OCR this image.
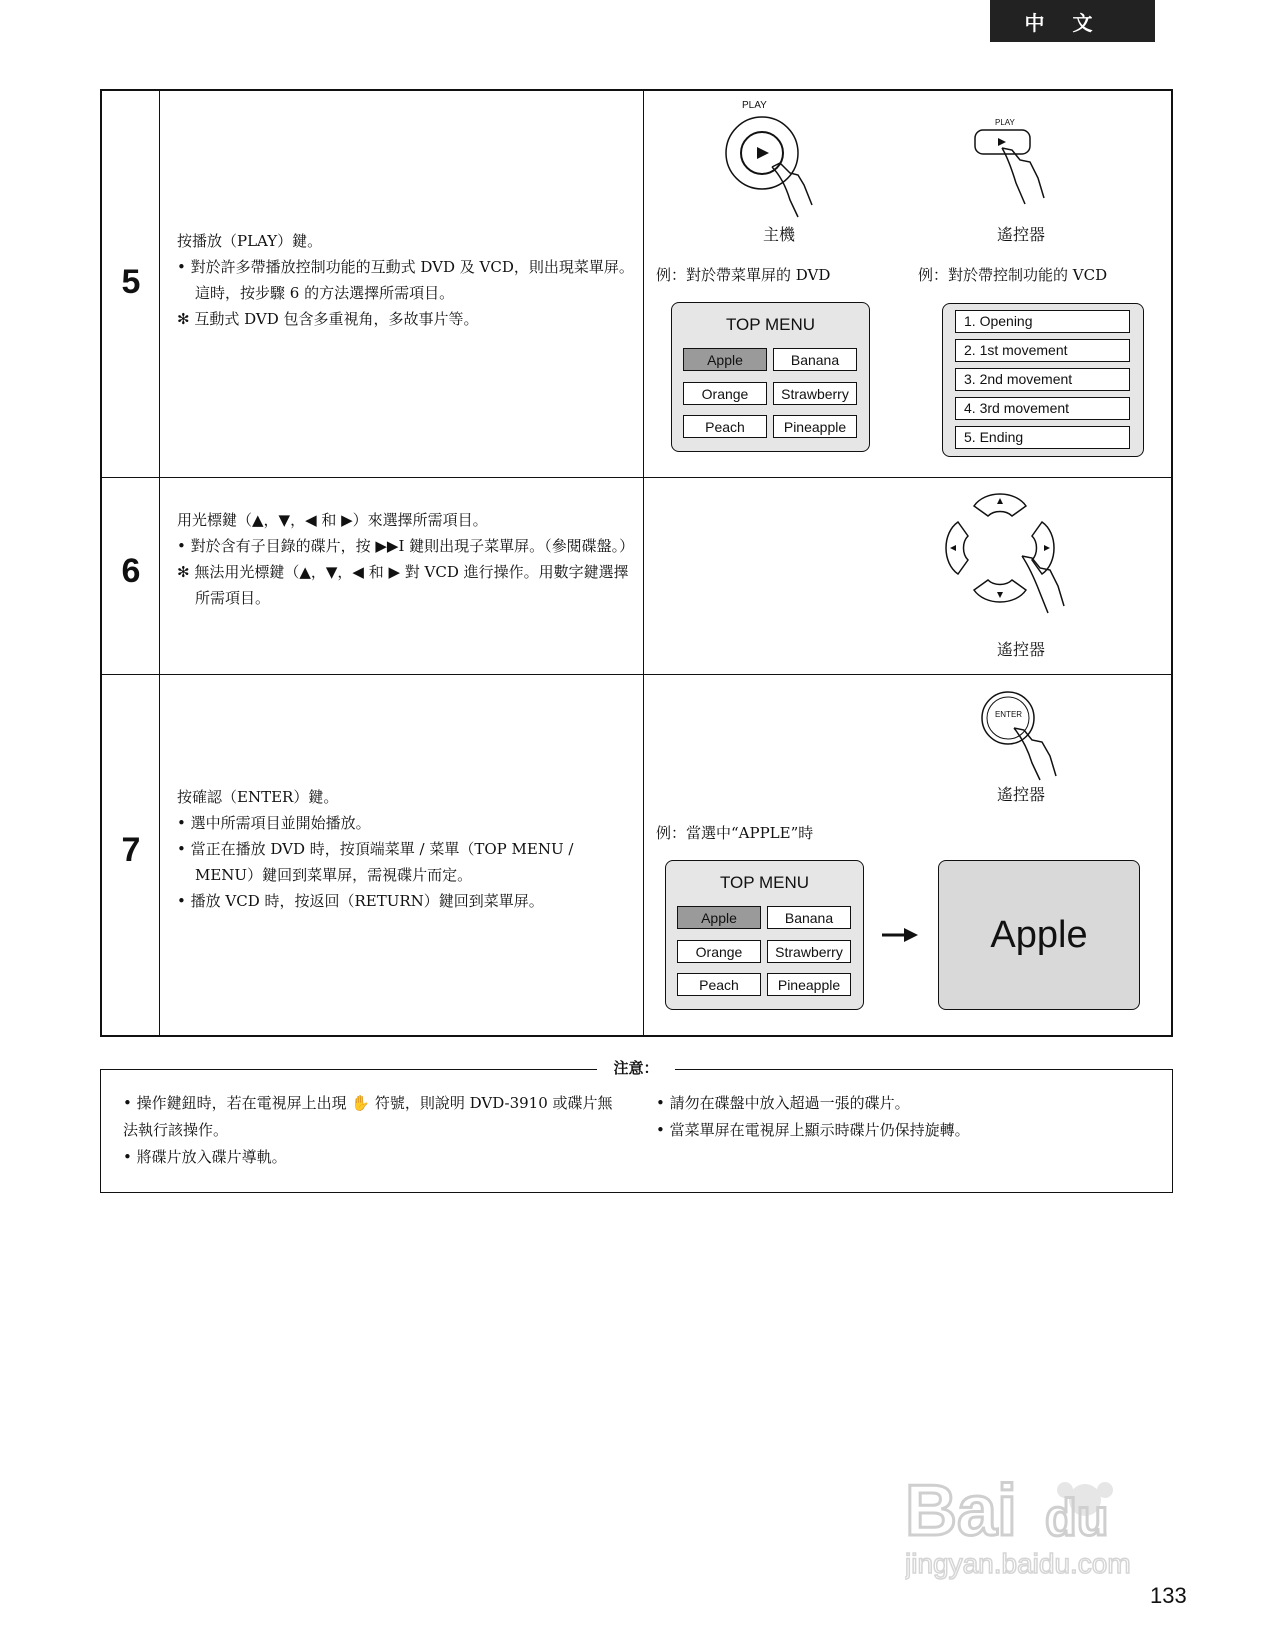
中文
5

按播放（PLAY）鍵。

• 對於許多帶播放控制功能的互動式 DVD 及 VCD，則出現菜單屏。這時，按步驟 6 的方法選擇所需項目。

✻ 互動式 DVD 包含多重視角，多故事片等。

6

用光標鍵（▲，▼，◀ 和 ▶）來選擇所需項目。

• 對於含有子目錄的碟片，按 ▶▶I 鍵則出現子菜單屏。（參閱碟盤。）

✻ 無法用光標鍵（▲，▼，◀ 和 ▶ 對 VCD 進行操作。用數字鍵選擇所需項目。

7

按確認（ENTER）鍵。

• 選中所需項目並開始播放。

• 當正在播放 DVD 時，按頂端菜單 / 菜單（TOP MENU / MENU）鍵回到菜單屏，需視碟片而定。

• 播放 VCD 時，按返回（RETURN）鍵回到菜單屏。

PLAY
主機
PLAY
遙控器
例：對於帶菜單屏的 DVD	例：對於帶控制功能的 VCD
TOP MENU
Apple	Banana
Orange	Strawberry
Peach	Pineapple
1. Opening
2. 1st movement
3. 2nd movement
4. 3rd movement
5. Ending
遙控器
ENTER
遙控器
例：當選中“APPLE”時
TOP MENU
Apple	Banana
Orange	Strawberry
Peach	Pineapple
Apple

• 操作鍵鈕時，若在電視屏上出現 ✋ 符號，則說明 DVD-3910 或碟片無法執行該操作。

• 將碟片放入碟片導軌。

• 請勿在碟盤中放入超過一張的碟片。

• 當菜單屏在電視屏上顯示時碟片仍保持旋轉。

注意：
Bai du
jingyan.baidu.com
133
